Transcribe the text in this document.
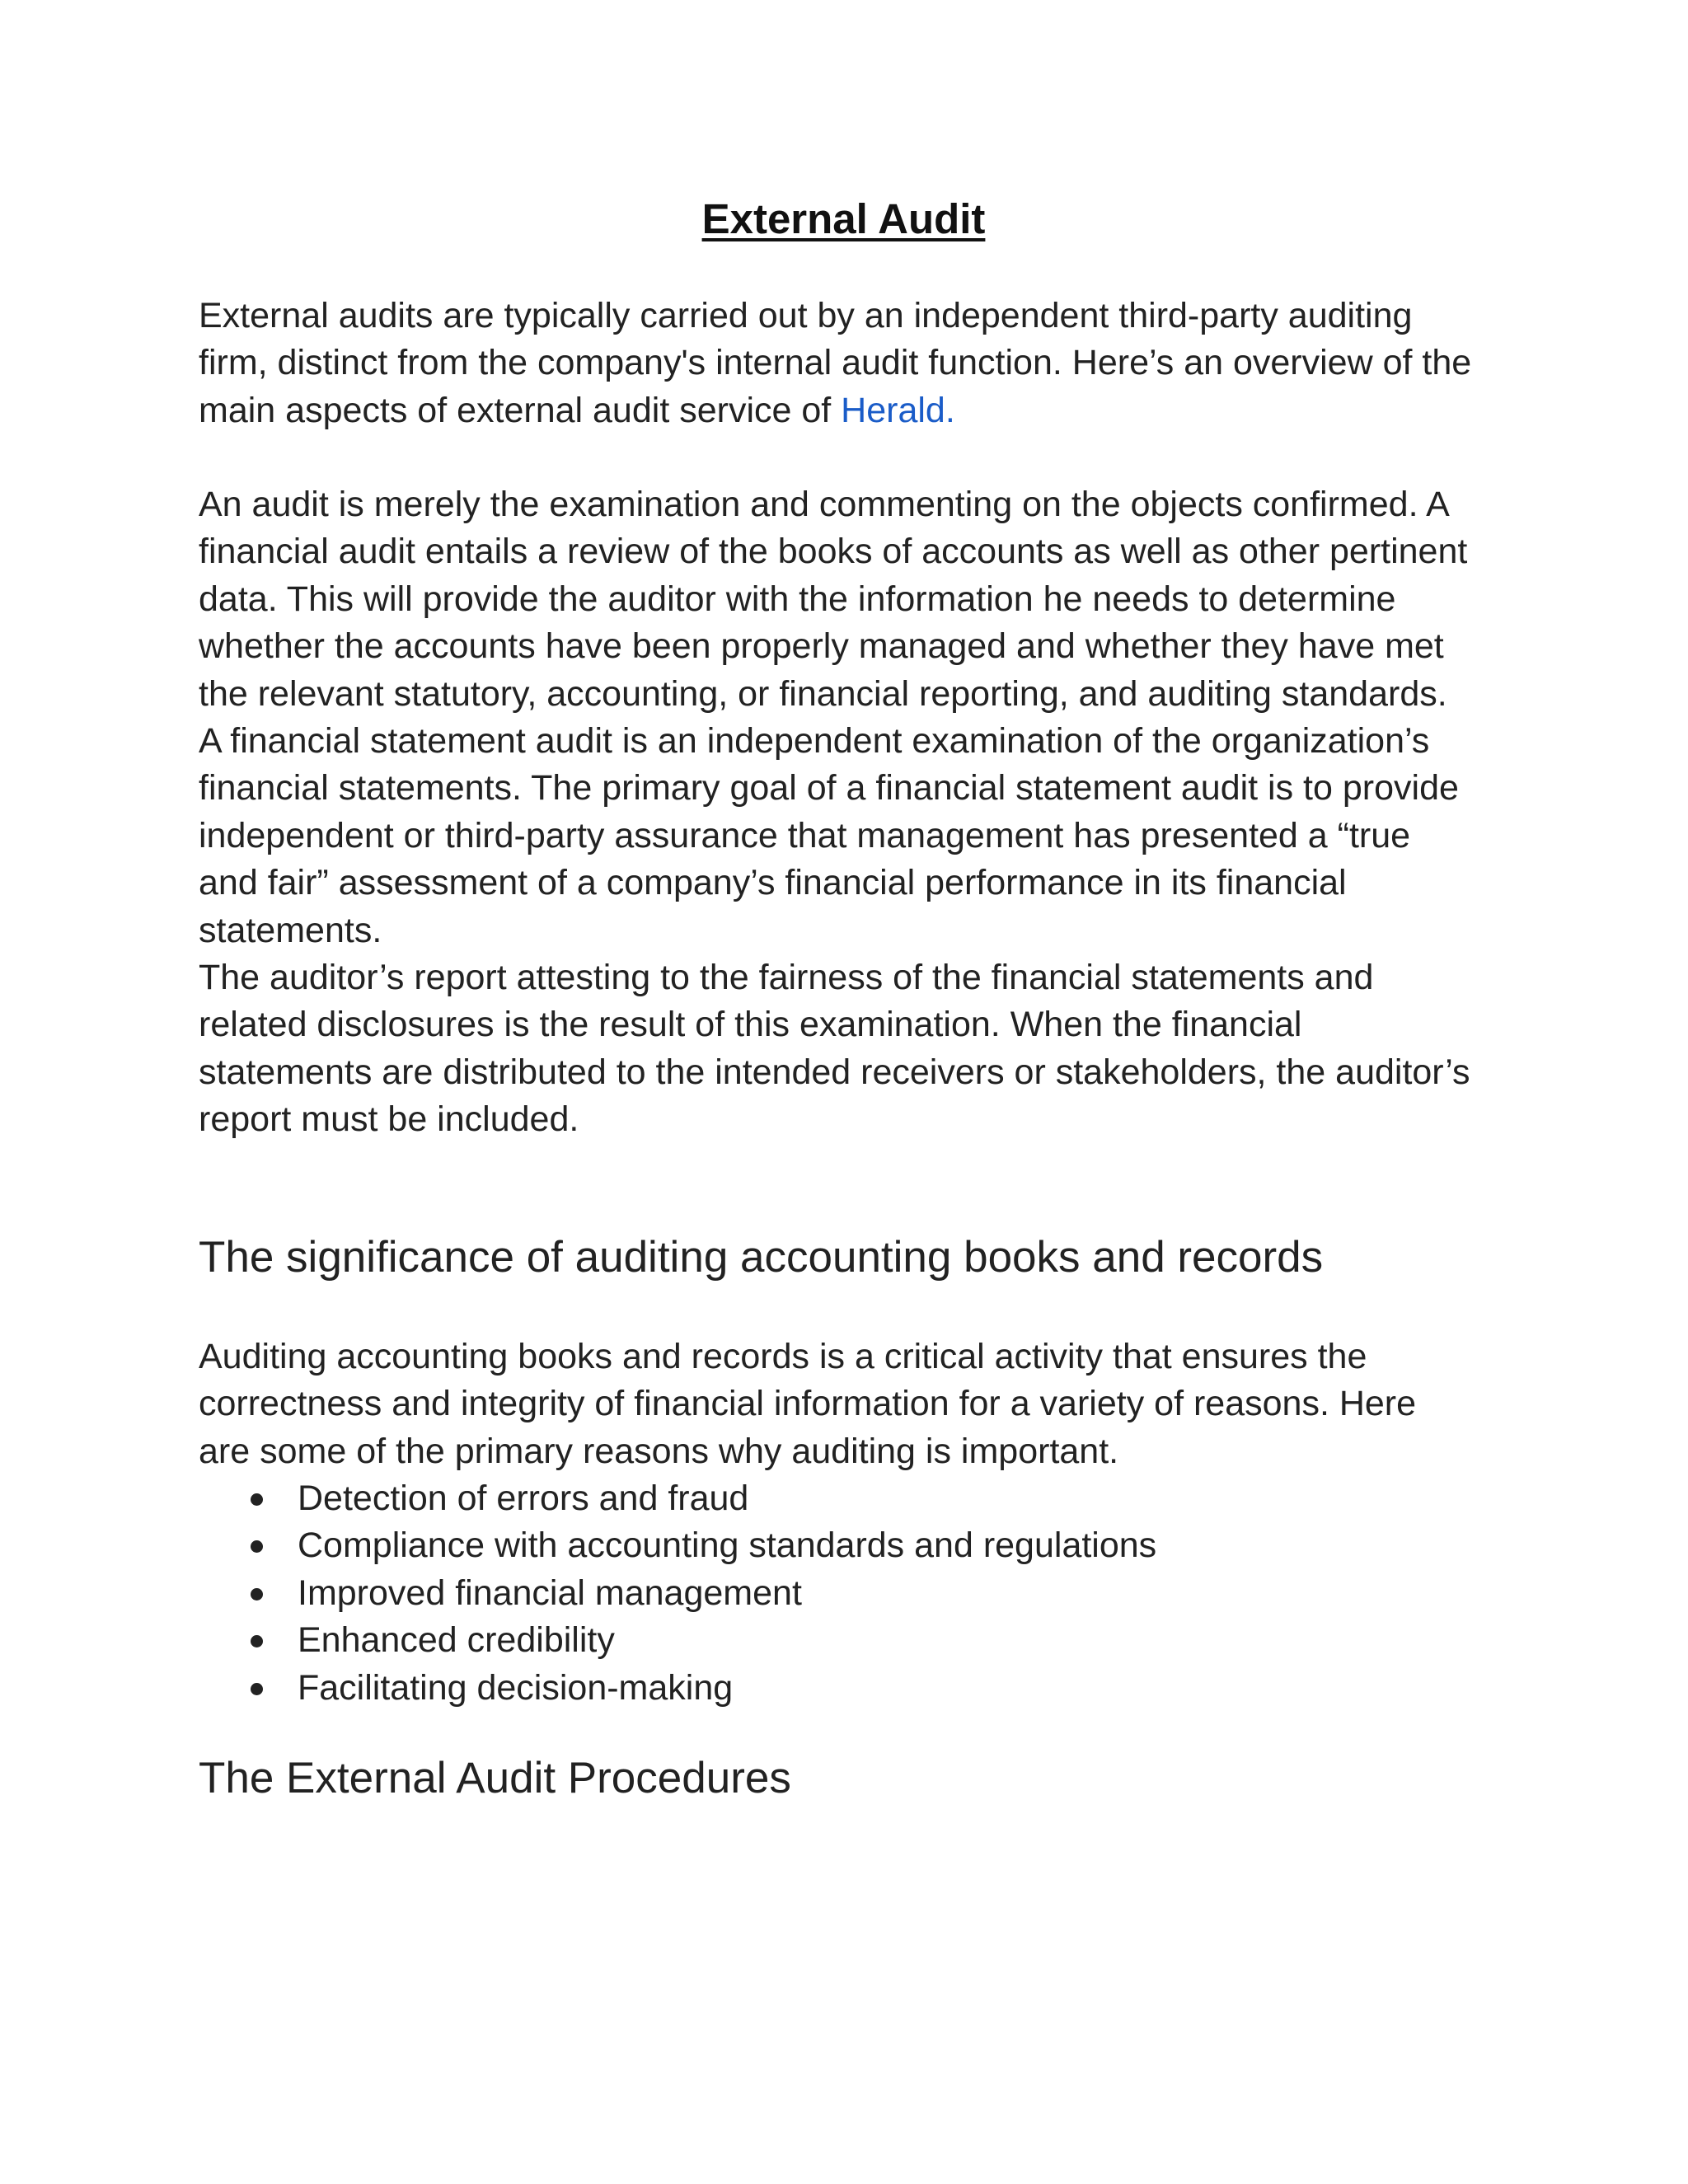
External Audit

External audits are typically carried out by an independent third-party auditing
firm, distinct from the company's internal audit function. Here’s an overview of the
main aspects of external audit service of Herald.

An audit is merely the examination and commenting on the objects confirmed. A
financial audit entails a review of the books of accounts as well as other pertinent
data. This will provide the auditor with the information he needs to determine
whether the accounts have been properly managed and whether they have met
the relevant statutory, accounting, or financial reporting, and auditing standards.
A financial statement audit is an independent examination of the organization’s
financial statements. The primary goal of a financial statement audit is to provide
independent or third-party assurance that management has presented a “true
and fair” assessment of a company’s financial performance in its financial
statements.
The auditor’s report attesting to the fairness of the financial statements and
related disclosures is the result of this examination. When the financial
statements are distributed to the intended receivers or stakeholders, the auditor’s
report must be included.

The significance of auditing accounting books and records

Auditing accounting books and records is a critical activity that ensures the
correctness and integrity of financial information for a variety of reasons. Here
are some of the primary reasons why auditing is important.

Detection of errors and fraud
Compliance with accounting standards and regulations
Improved financial management
Enhanced credibility
Facilitating decision-making
The External Audit Procedures
